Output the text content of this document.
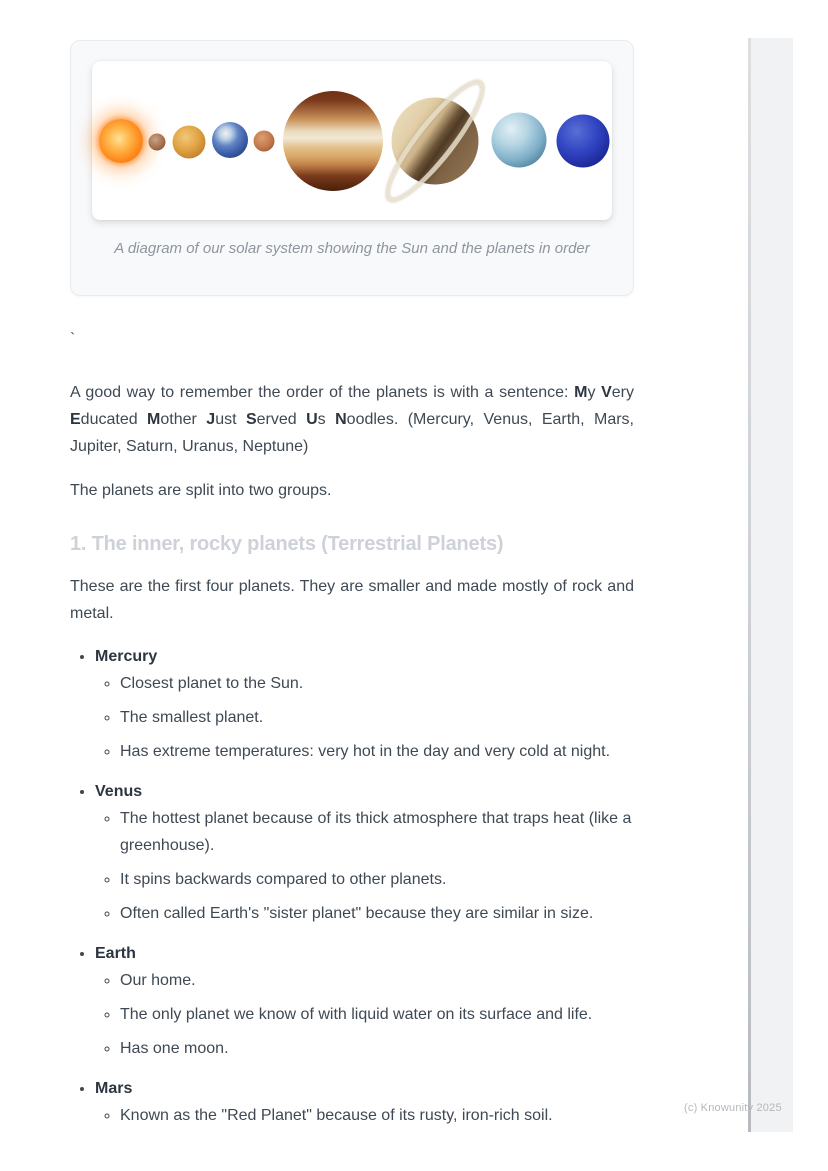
A diagram of our solar system showing the Sun and the planets in order

`

A good way to remember the order of the planets is with a sentence: My Very Educated Mother Just Served Us Noodles. (Mercury, Venus, Earth, Mars, Jupiter, Saturn, Uranus, Neptune)

The planets are split into two groups.

1. The inner, rocky planets (Terrestrial Planets)

These are the first four planets. They are smaller and made mostly of rock and metal.

• Mercury
◦ Closest planet to the Sun.
◦ The smallest planet.
◦ Has extreme temperatures: very hot in the day and very cold at night.
• Venus
◦ The hottest planet because of its thick atmosphere that traps heat (like a greenhouse).
◦ It spins backwards compared to other planets.
◦ Often called Earth's "sister planet" because they are similar in size.
• Earth
◦ Our home.
◦ The only planet we know of with liquid water on its surface and life.
◦ Has one moon.
• Mars
◦ Known as the "Red Planet" because of its rusty, iron-rich soil.	(c) Knowunity 2025
